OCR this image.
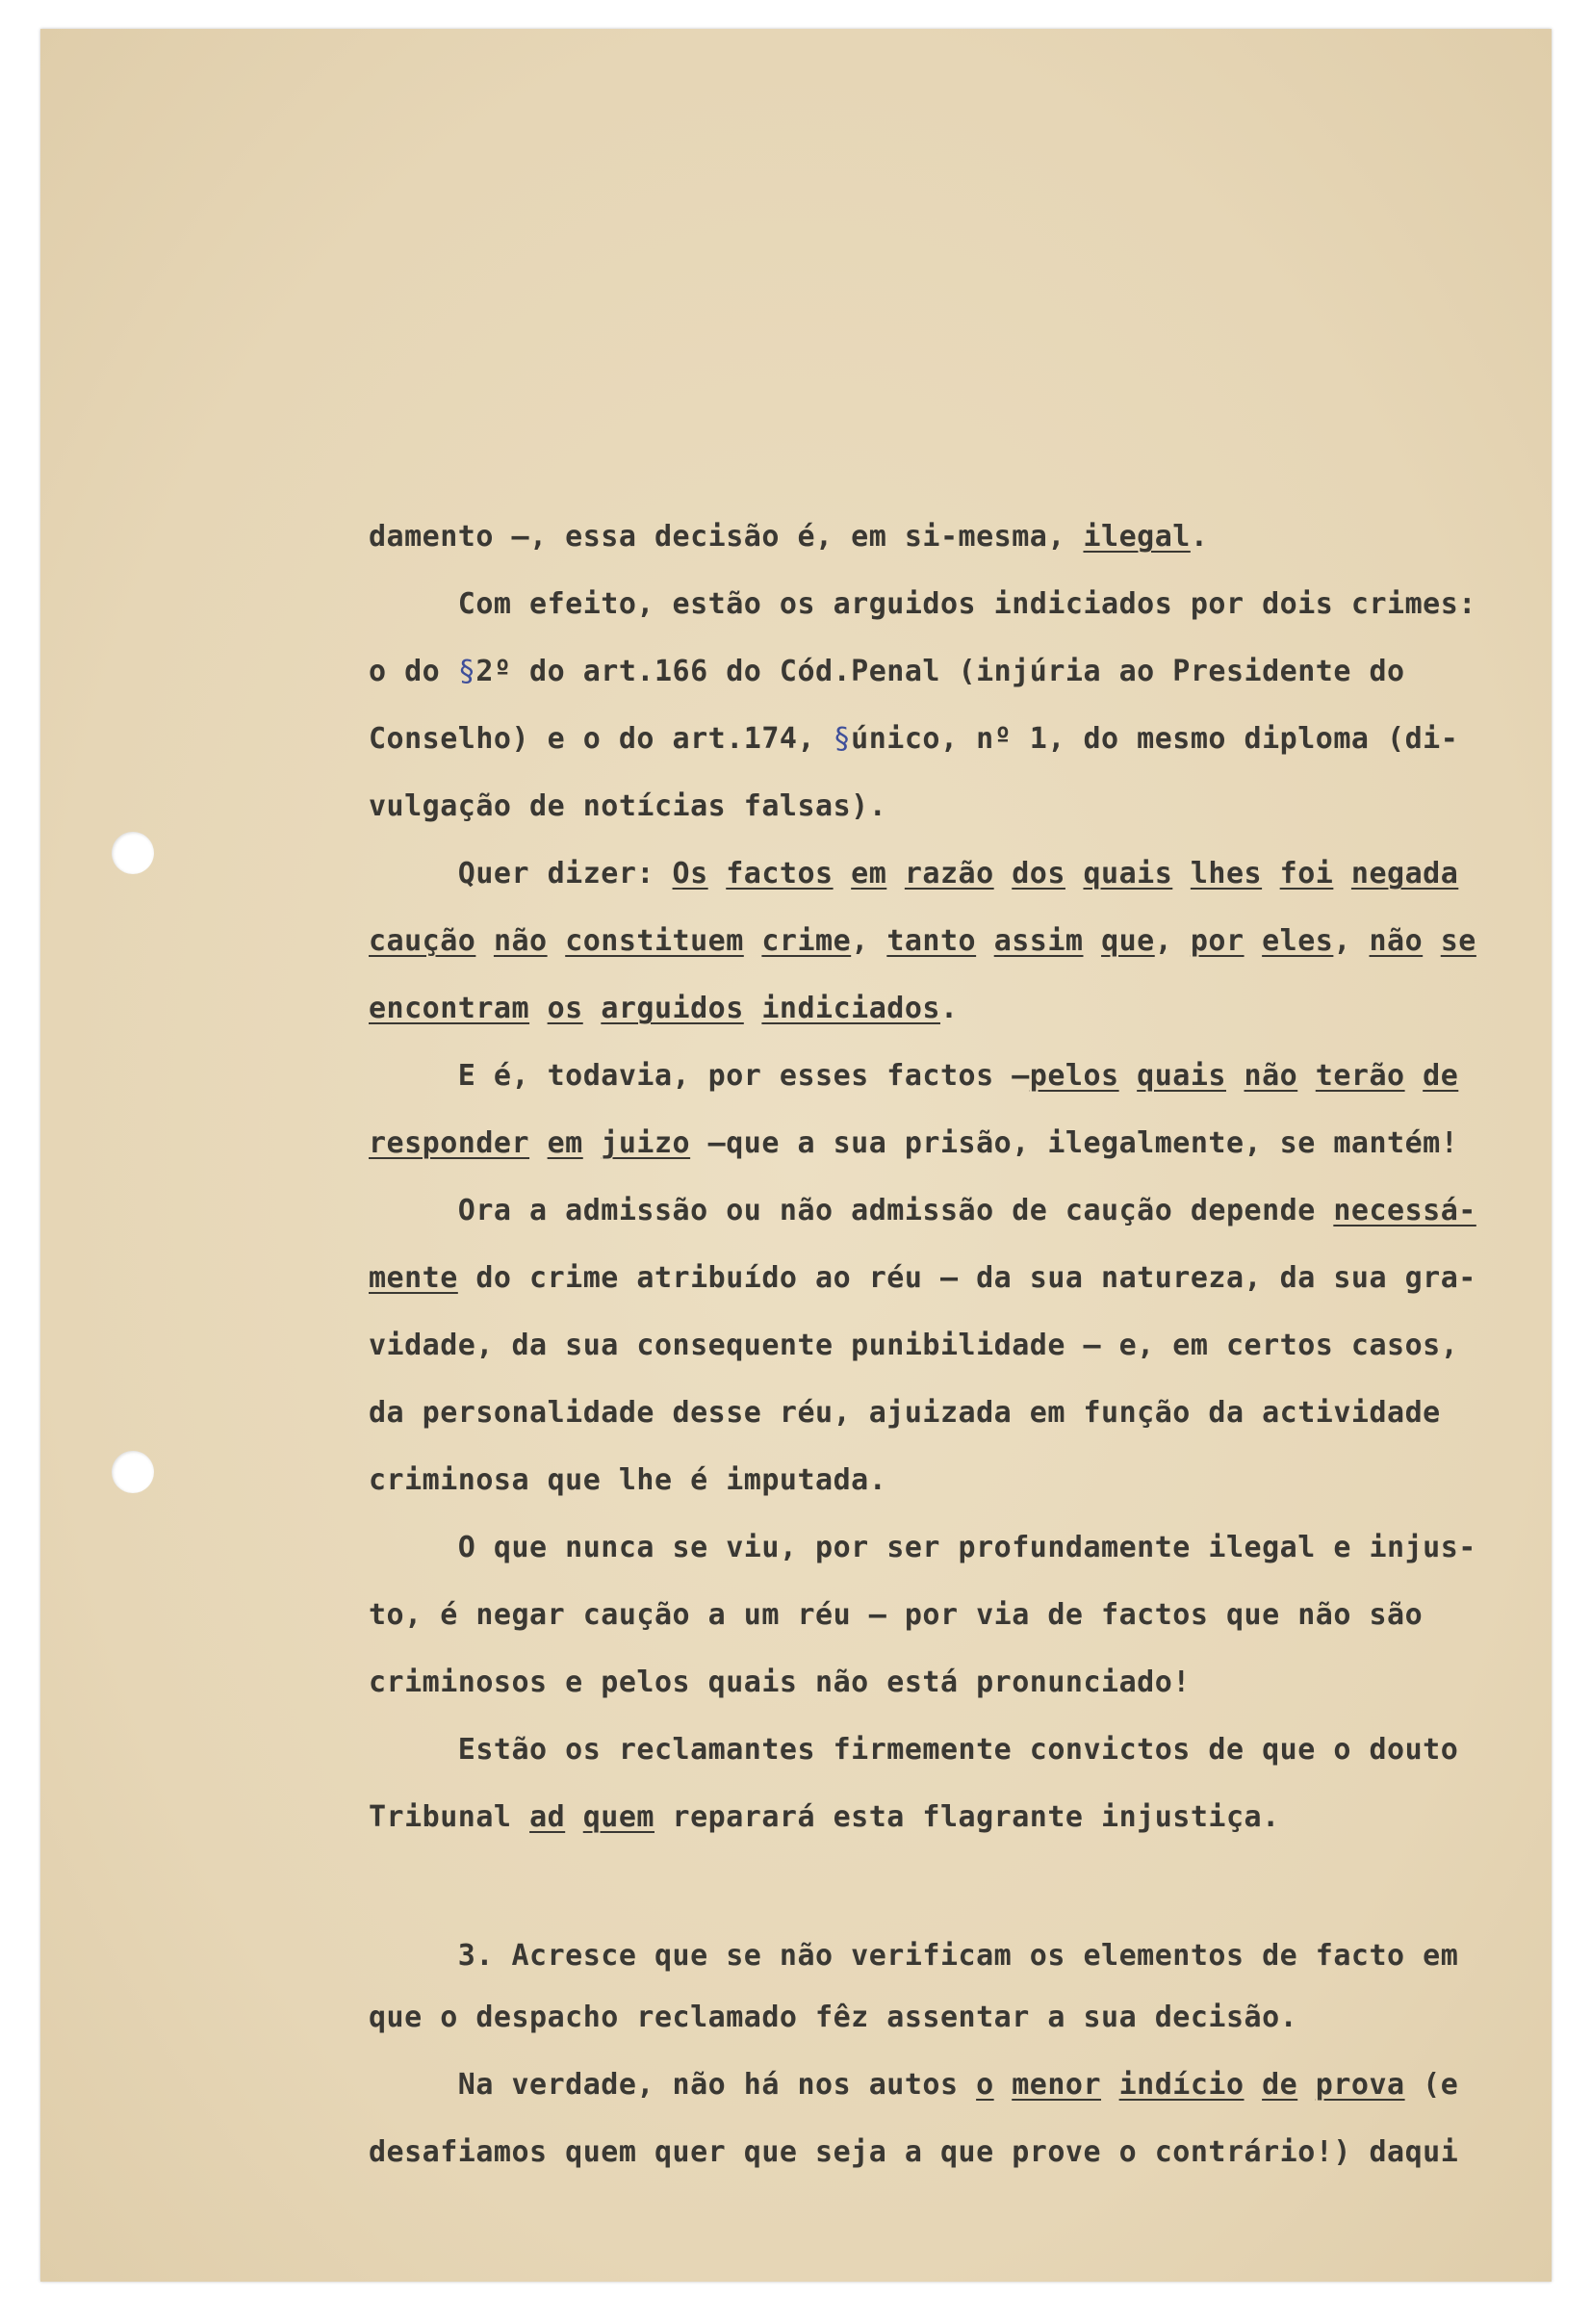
damento —, essa decisão é, em si-mesma, ilegal.
Com efeito, estão os arguidos indiciados por dois crimes:
o do §2º do art.166 do Cód.Penal (injúria ao Presidente do
Conselho) e o do art.174, §único, nº 1, do mesmo diploma (di-
vulgação de notícias falsas).
Quer dizer: Os factos em razão dos quais lhes foi negada
caução não constituem crime, tanto assim que, por eles, não se
encontram os arguidos indiciados.
E é, todavia, por esses factos —pelos quais não terão de
responder em juizo —que a sua prisão, ilegalmente, se mantém!
Ora a admissão ou não admissão de caução depende necessá-
mente do crime atribuído ao réu — da sua natureza, da sua gra-
vidade, da sua consequente punibilidade — e, em certos casos,
da personalidade desse réu, ajuizada em função da actividade
criminosa que lhe é imputada.
O que nunca se viu, por ser profundamente ilegal e injus-
to, é negar caução a um réu — por via de factos que não são
criminosos e pelos quais não está pronunciado!
Estão os reclamantes firmemente convictos de que o douto
Tribunal ad quem reparará esta flagrante injustiça.
3. Acresce que se não verificam os elementos de facto em
que o despacho reclamado fêz assentar a sua decisão.
Na verdade, não há nos autos o menor indício de prova (e
desafiamos quem quer que seja a que prove o contrário!) daqui
